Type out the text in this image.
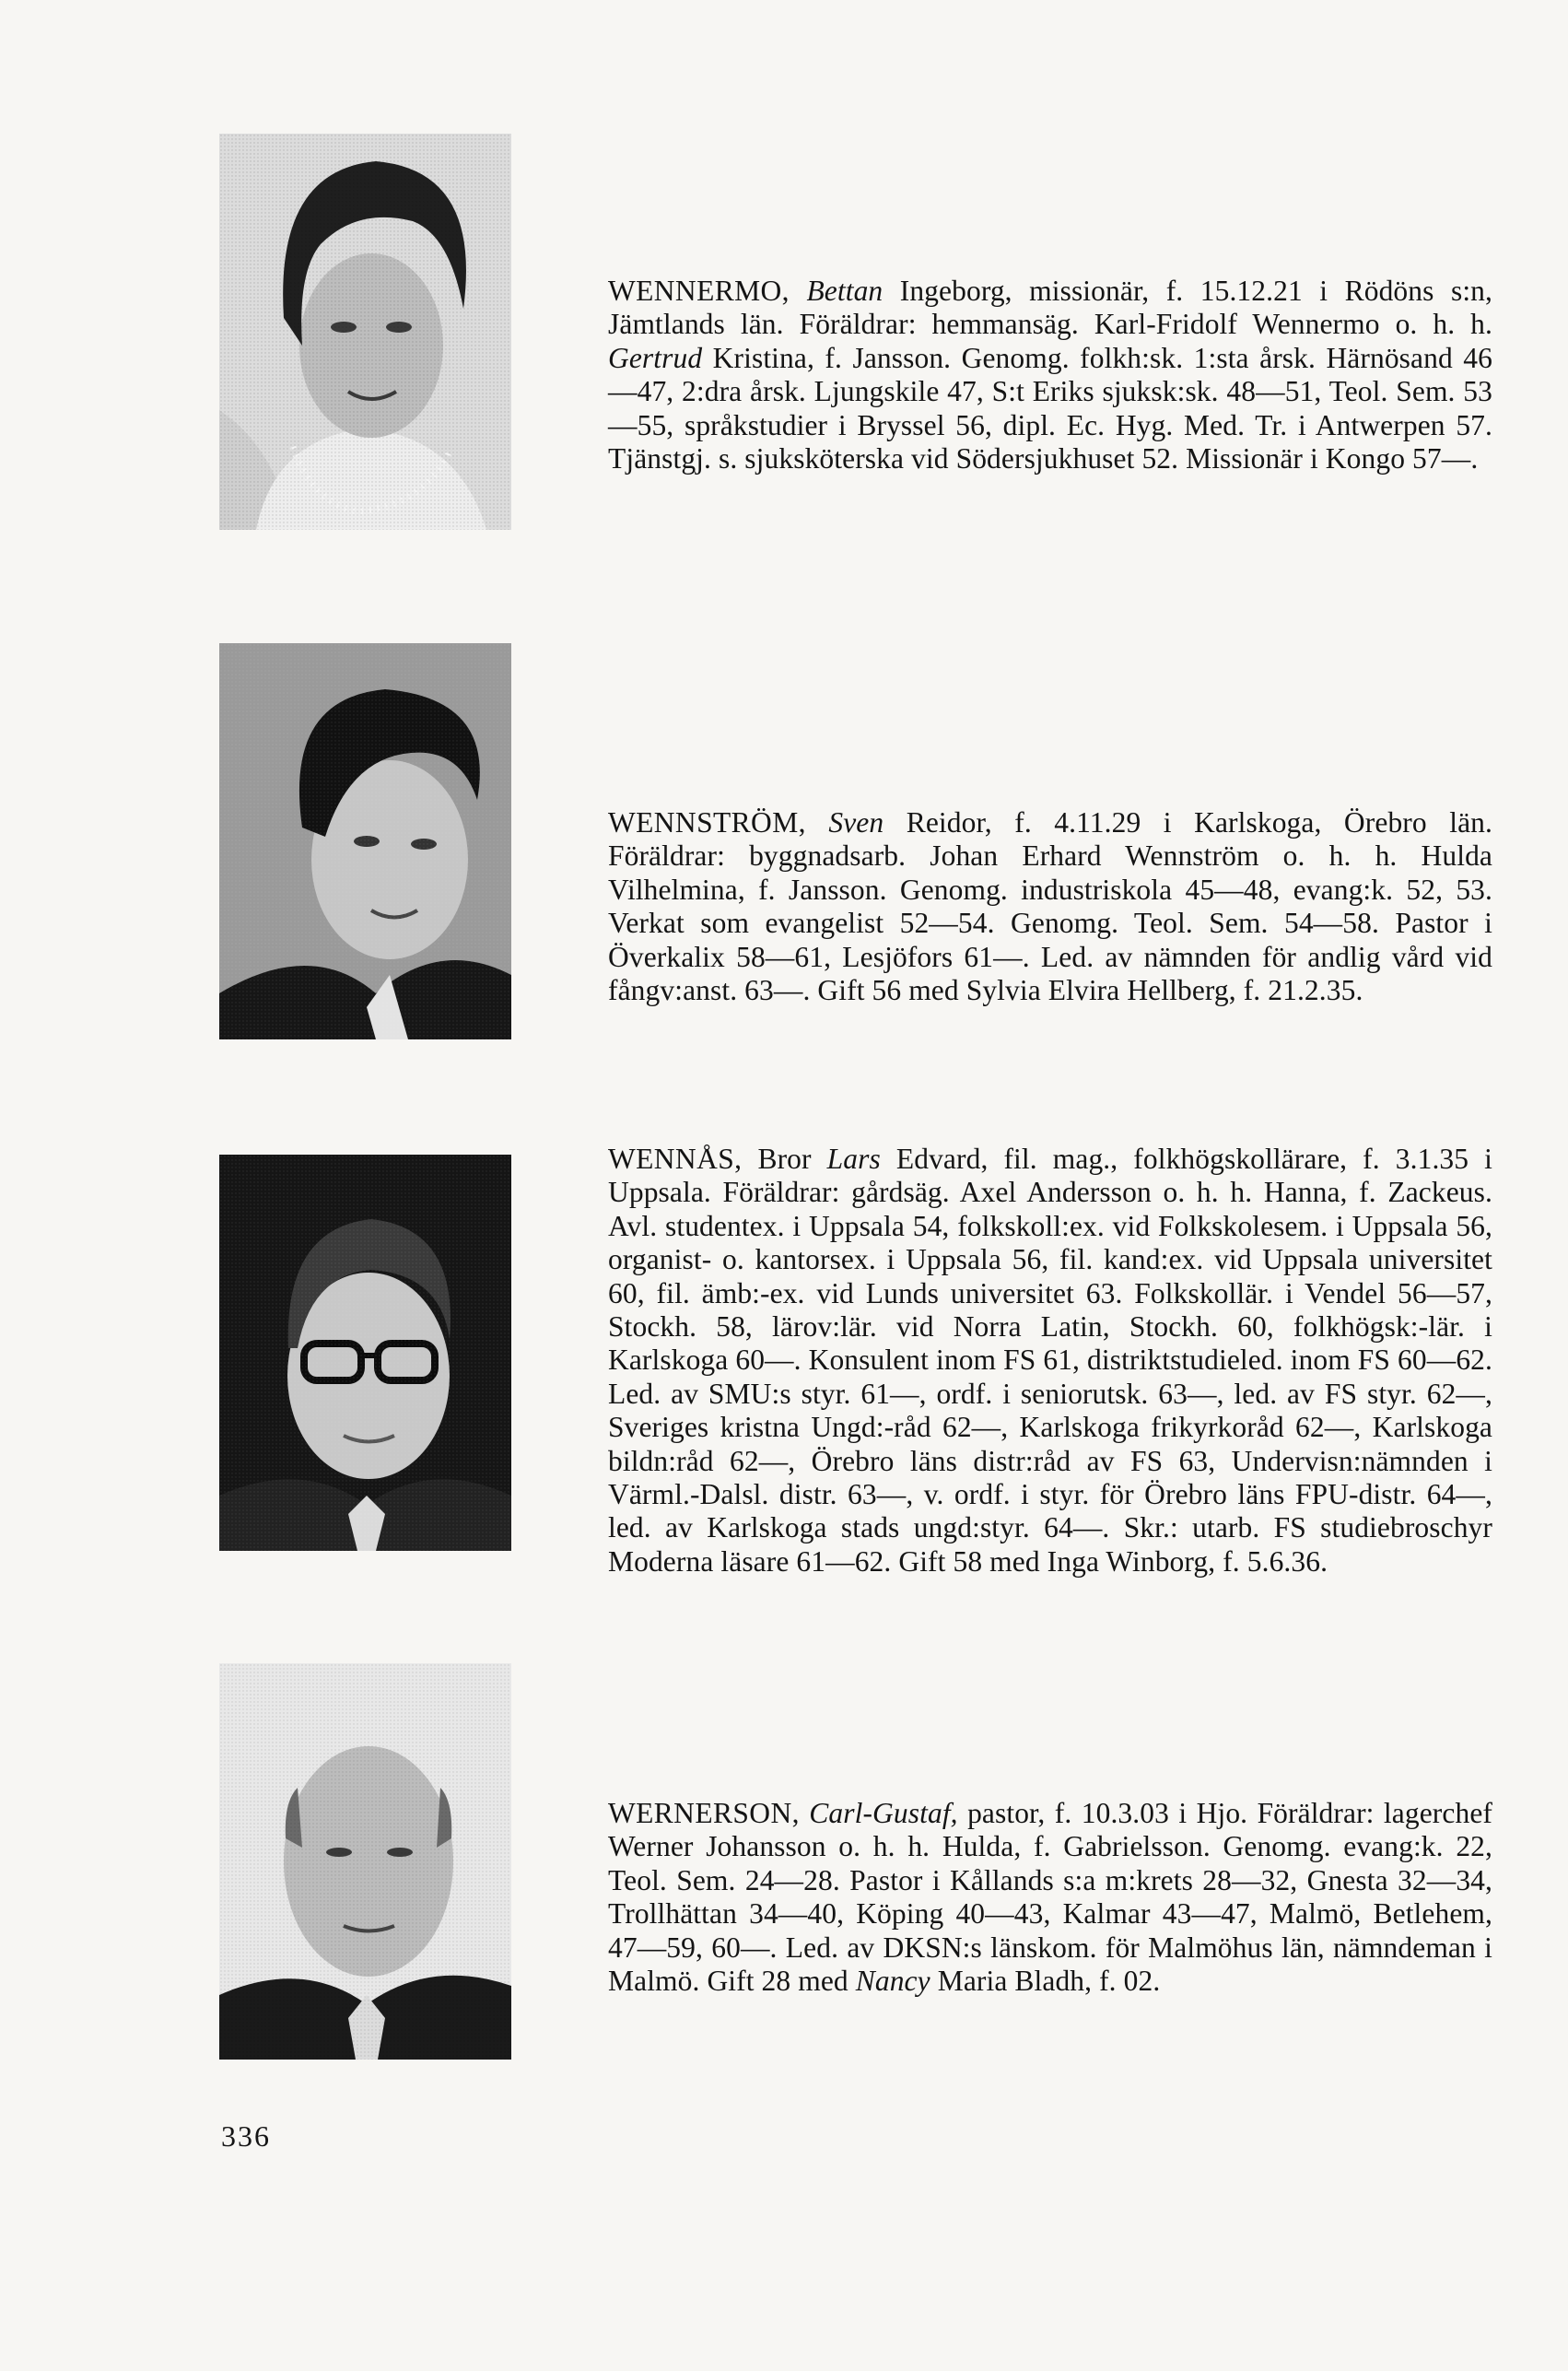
WENNERMO, Bettan Ingeborg, missionär, f. 15.12.21 i Rödöns s:n, Jämtlands län. Föräldrar: hemmansäg. Karl-Fridolf Wennermo o. h. h. Gertrud Kristina, f. Jansson. Genomg. folkh:sk. 1:sta årsk. Härnösand 46—47, 2:dra årsk. Ljungskile 47, S:t Eriks sjuksk:sk. 48—51, Teol. Sem. 53—55, språkstudier i Bryssel 56, dipl. Ec. Hyg. Med. Tr. i Antwerpen 57. Tjänstgj. s. sjuksköterska vid Södersjukhuset 52. Missionär i Kongo 57—.
WENNSTRÖM, Sven Reidor, f. 4.11.29 i Karlskoga, Örebro län. Föräldrar: byggnadsarb. Johan Erhard Wennström o. h. h. Hulda Vilhelmina, f. Jansson. Genomg. industriskola 45—48, evang:k. 52, 53. Verkat som evangelist 52—54. Genomg. Teol. Sem. 54—58. Pastor i Överkalix 58—61, Lesjöfors 61—. Led. av nämnden för andlig vård vid fångv:anst. 63—. Gift 56 med Sylvia Elvira Hellberg, f. 21.2.35.
WENNÅS, Bror Lars Edvard, fil. mag., folkhögskollärare, f. 3.1.35 i Uppsala. Föräldrar: gårdsäg. Axel Andersson o. h. h. Hanna, f. Zackeus. Avl. studentex. i Uppsala 54, folkskoll:ex. vid Folkskolesem. i Uppsala 56, organist- o. kantorsex. i Uppsala 56, fil. kand:ex. vid Uppsala universitet 60, fil. ämb:-ex. vid Lunds universitet 63. Folkskollär. i Vendel 56—57, Stockh. 58, lärov:lär. vid Norra Latin, Stockh. 60, folkhögsk:-lär. i Karlskoga 60—. Konsulent inom FS 61, distriktstudieled. inom FS 60—62. Led. av SMU:s styr. 61—, ordf. i seniorutsk. 63—, led. av FS styr. 62—, Sveriges kristna Ungd:-råd 62—, Karlskoga frikyrkoråd 62—, Karlskoga bildn:råd 62—, Örebro läns distr:råd av FS 63, Undervisn:nämnden i Värml.-Dalsl. distr. 63—, v. ordf. i styr. för Örebro läns FPU-distr. 64—, led. av Karlskoga stads ungd:styr. 64—. Skr.: utarb. FS studiebroschyr Moderna läsare 61—62. Gift 58 med Inga Winborg, f. 5.6.36.
WERNERSON, Carl-Gustaf, pastor, f. 10.3.03 i Hjo. Föräldrar: lagerchef Werner Johansson o. h. h. Hulda, f. Gabrielsson. Genomg. evang:k. 22, Teol. Sem. 24—28. Pastor i Kållands s:a m:krets 28—32, Gnesta 32—34, Trollhättan 34—40, Köping 40—43, Kalmar 43—47, Malmö, Betlehem, 47—59, 60—. Led. av DKSN:s länskom. för Malmöhus län, nämndeman i Malmö. Gift 28 med Nancy Maria Bladh, f. 02.
336
